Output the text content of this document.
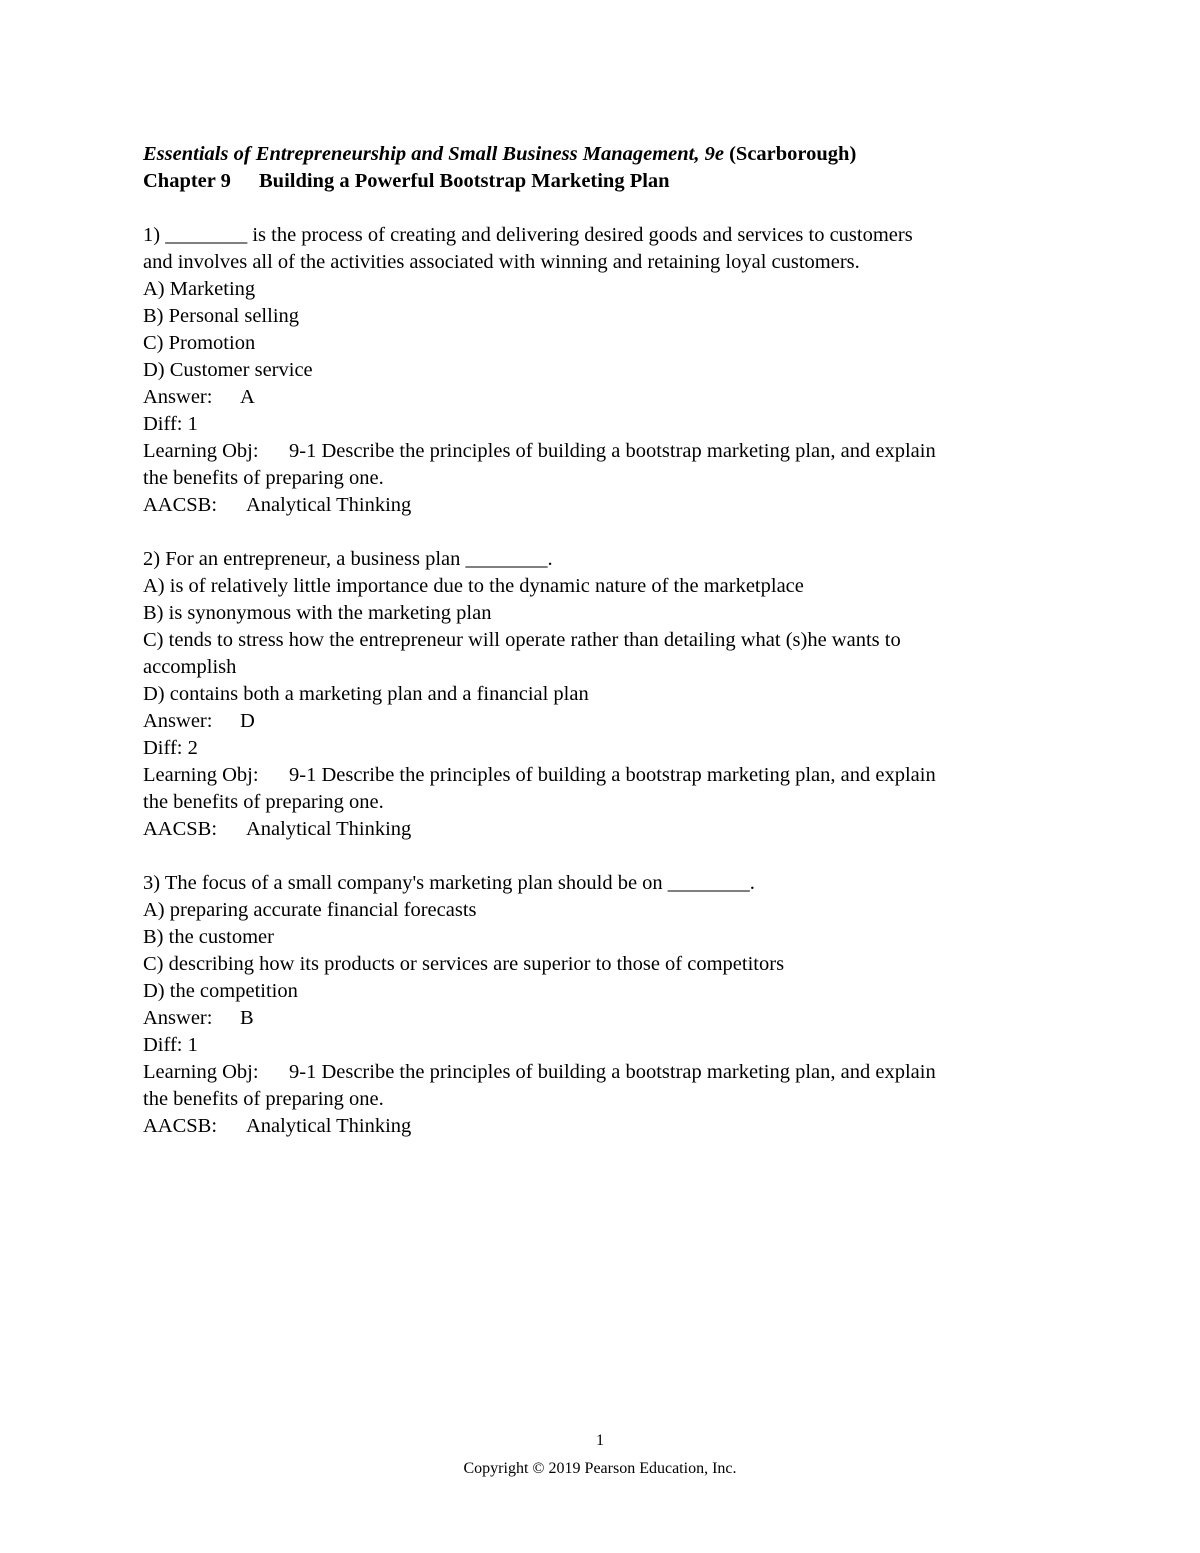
Essentials of Entrepreneurship and Small Business Management, 9e (Scarborough)
Chapter 9 Building a Powerful Bootstrap Marketing Plan
1) ________ is the process of creating and delivering desired goods and services to customers
and involves all of the activities associated with winning and retaining loyal customers.
A) Marketing
B) Personal selling
C) Promotion
D) Customer service
Answer: A
Diff: 1
Learning Obj: 9-1 Describe the principles of building a bootstrap marketing plan, and explain
the benefits of preparing one.
AACSB: Analytical Thinking
2) For an entrepreneur, a business plan ________.
A) is of relatively little importance due to the dynamic nature of the marketplace
B) is synonymous with the marketing plan
C) tends to stress how the entrepreneur will operate rather than detailing what (s)he wants to
accomplish
D) contains both a marketing plan and a financial plan
Answer: D
Diff: 2
Learning Obj: 9-1 Describe the principles of building a bootstrap marketing plan, and explain
the benefits of preparing one.
AACSB: Analytical Thinking
3) The focus of a small company's marketing plan should be on ________.
A) preparing accurate financial forecasts
B) the customer
C) describing how its products or services are superior to those of competitors
D) the competition
Answer: B
Diff: 1
Learning Obj: 9-1 Describe the principles of building a bootstrap marketing plan, and explain
the benefits of preparing one.
AACSB: Analytical Thinking
1
Copyright © 2019 Pearson Education, Inc.
